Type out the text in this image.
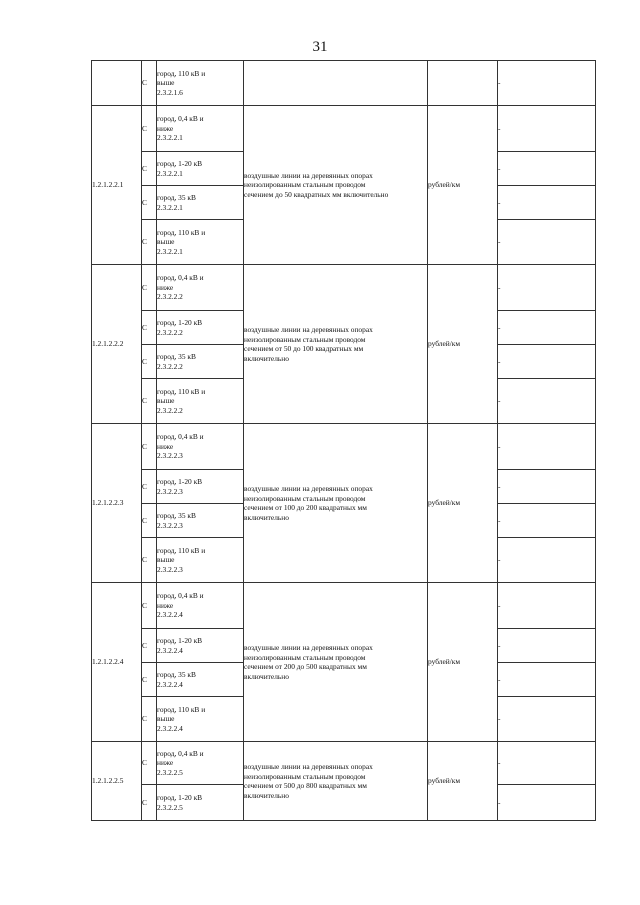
31
	С	город, 110 кВ и
выше
2.3.2.1.6			-
1.2.1.2.2.1	С	город, 0,4 кВ и
ниже
2.3.2.2.1	воздушные линии на деревянных опорах
неизолированным стальным проводом
сечением до 50 квадратных мм включительно	рублей/км	-
	С	город, 1-20 кВ
2.3.2.2.1			-
	С	город, 35 кВ
2.3.2.2.1			-
	С	город, 110 кВ и
выше
2.3.2.2.1			-
1.2.1.2.2.2	С	город, 0,4 кВ и
ниже
2.3.2.2.2	воздушные линии на деревянных опорах
неизолированным стальным проводом
сечением от 50 до 100 квадратных мм
включительно	рублей/км	-
	С	город, 1-20 кВ
2.3.2.2.2			-
	С	город, 35 кВ
2.3.2.2.2			-
	С	город, 110 кВ и
выше
2.3.2.2.2			-
1.2.1.2.2.3	С	город, 0,4 кВ и
ниже
2.3.2.2.3	воздушные линии на деревянных опорах
неизолированным стальным проводом
сечением от 100 до 200 квадратных мм
включительно	рублей/км	-
	С	город, 1-20 кВ
2.3.2.2.3			-
	С	город, 35 кВ
2.3.2.2.3			-
	С	город, 110 кВ и
выше
2.3.2.2.3			-
1.2.1.2.2.4	С	город, 0,4 кВ и
ниже
2.3.2.2.4	воздушные линии на деревянных опорах
неизолированным стальным проводом
сечением от 200 до 500 квадратных мм
включительно	рублей/км	-
	С	город, 1-20 кВ
2.3.2.2.4			-
	С	город, 35 кВ
2.3.2.2.4			-
	С	город, 110 кВ и
выше
2.3.2.2.4			-
1.2.1.2.2.5	С	город, 0,4 кВ и
ниже
2.3.2.2.5	воздушные линии на деревянных опорах
неизолированным стальным проводом
сечением от 500 до 800 квадратных мм
включительно	рублей/км	-
	С	город, 1-20 кВ
2.3.2.2.5			-
